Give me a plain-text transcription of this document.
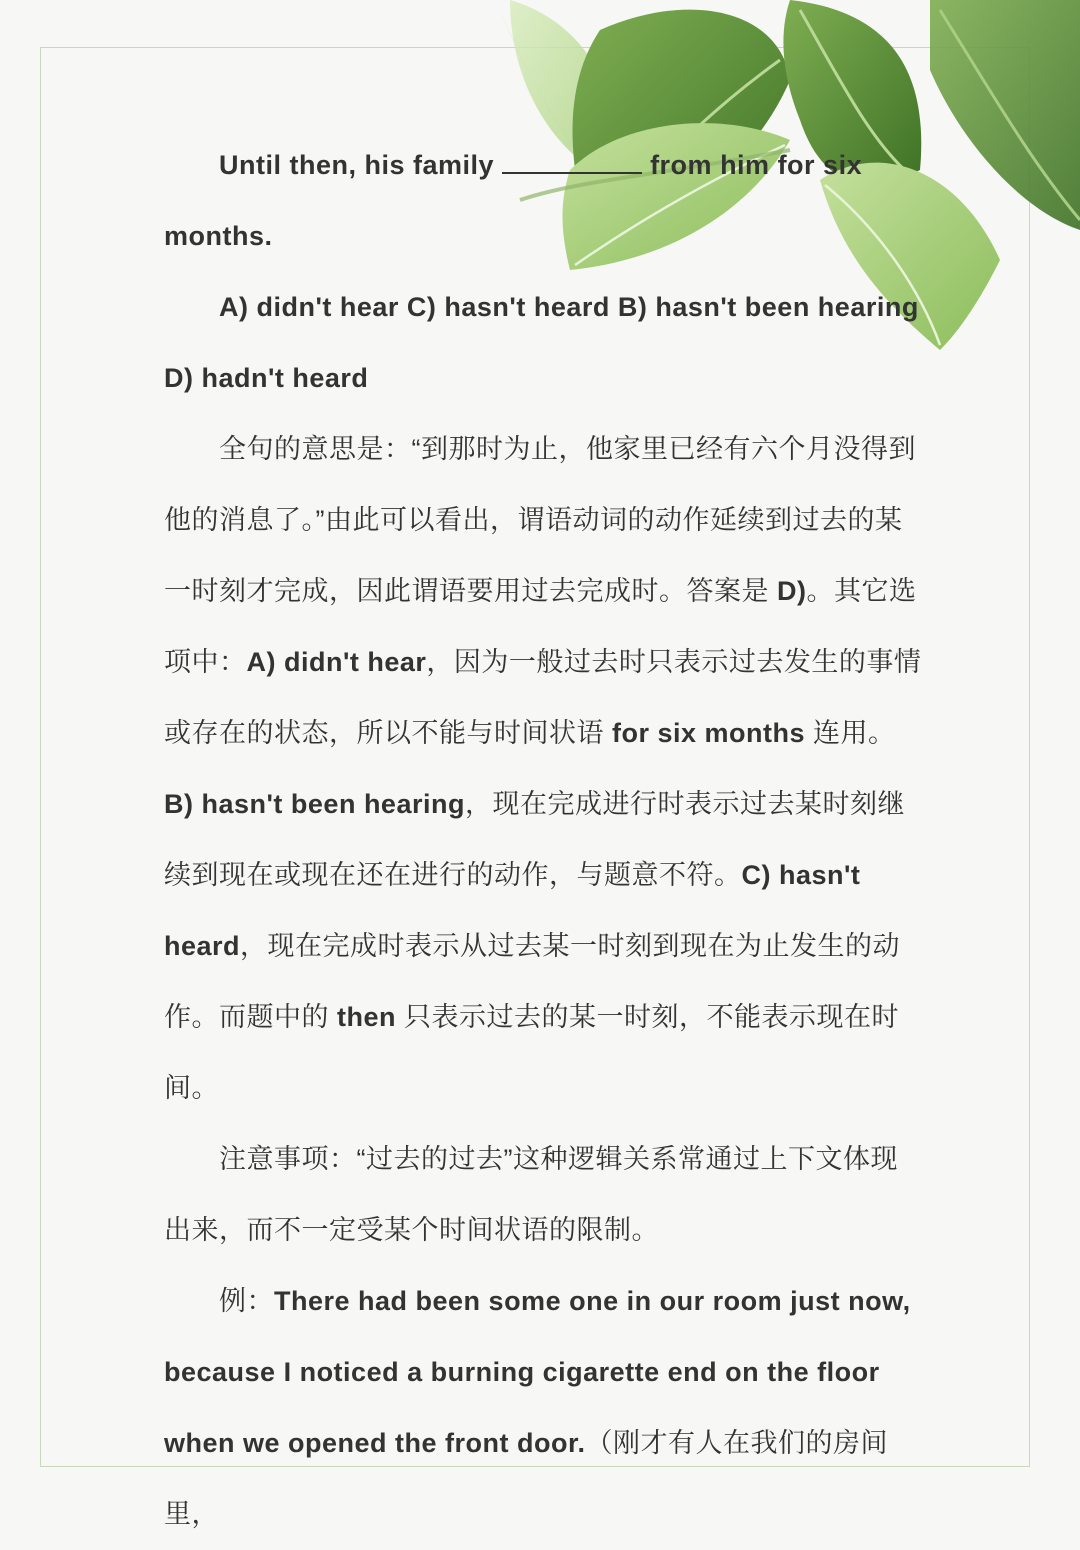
Until then, his family	from him for six months.

A) didn't hear C) hasn't heard B) hasn't been hearing D) hadn't heard

全句的意思是：“到那时为止，他家里已经有六个月没得到他的消息了。”由此可以看出，谓语动词的动作延续到过去的某一时刻才完成，因此谓语要用过去完成时。答案是 D)。其它选项中：A) didn't hear，因为一般过去时只表示过去发生的事情或存在的状态，所以不能与时间状语 for six months 连用。B) hasn't been hearing，现在完成进行时表示过去某时刻继续到现在或现在还在进行的动作，与题意不符。C) hasn't heard，现在完成时表示从过去某一时刻到现在为止发生的动作。而题中的 then 只表示过去的某一时刻，不能表示现在时间。

注意事项：“过去的过去”这种逻辑关系常通过上下文体现出来，而不一定受某个时间状语的限制。

例：There had been some one in our room just now, because I noticed a burning cigarette end on the floor when we opened the front door.（刚才有人在我们的房间里，
